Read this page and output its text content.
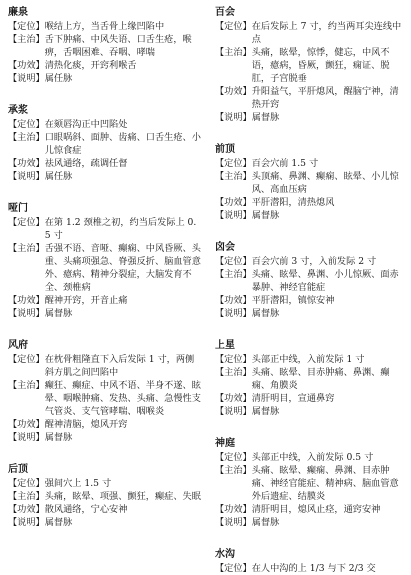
廉泉
【定位】 喉结上方，当舌骨上缘凹陷中
【主治】 舌下肿痛、中风失语、口舌生疮，喉痹，舌咽困难、吞咽、哮喘
【功效】 清热化痰，开窍利喉舌
【说明】 属任脉
承浆
【定位】 在颏唇沟正中凹陷处
【主治】 口眼㖞斜、面肿、齿痛、口舌生疮、小儿惊食症
【功效】 祛风通络，疏调任督
【说明】 属任脉
哑门
【定位】 在第 1.2 颈椎之初，约当后发际上 0.5 寸
【主治】 舌强不语、音哑、癫痫、中风昏厥、头重、头痛项强急、脊强反折、脑血管意外、癔病、精神分裂症，大脑发育不全、颈椎病
【功效】 醒神开窍，开音止痛
【说明】 属督脉
风府
【定位】 在枕骨粗隆直下入后发际 1 寸，两侧斜方肌之间凹陷中
【主治】 癫狂、癫症、中风不语、半身不遂、眩晕、咽喉肿痛、发热、头痛、急慢性支气管炎、支气管哮喘、咽喉炎
【功效】 醒神清脑，熄风开窍
【说明】 属督脉
后顶
【定位】 强间穴上 1.5 寸
【主治】 头痛，眩晕、项强、颤狂，癫症、失眠
【功效】 散风通络，宁心安神
【说明】 属督脉
百会
【定位】 在后发际上 7 寸，约当两耳尖连线中点
【主治】 头痛，眩晕，惊悸，健忘，中风不语，癔病，昏厥，颤狂，痫证、脱肛，子宫脱垂
【功效】 升阳益气，平肝熄风，醒脑宁神，清热开窍
【说明】 属督脉
前顶
【定位】 百会穴前 1.5 寸
【主治】 头顶痛、鼻渊、癫痫、眩晕、小儿惊风、高血压病
【功效】 平肝潜阳，清热熄风
【说明】 属督脉
囟会
【定位】 百会穴前 3 寸，入前发际 2 寸
【主治】 头痛、眩晕、鼻渊、小儿惊厥、面赤暴肿、神经官能症
【功效】 平肝潜阳，镇惊安神
【说明】 属督脉
上星
【定位】 头部正中线，入前发际 1 寸
【主治】 头痛、眩晕、目赤肿痛、鼻渊、癫痫、角膜炎
【功效】 清肝明目，宣通鼻窍
【说明】 属督脉
神庭
【定位】 头部正中线，入前发际 0.5 寸
【主治】 头痛、眩晕、癫痫、鼻渊、目赤肿痛、神经官能症、精神病、脑血管意外后遗症、结膜炎
【功效】 清肝明目，熄风止痉，通窍安神
【说明】 属督脉
水沟
【定位】 在人中沟的上 1/3 与下 2/3 交
